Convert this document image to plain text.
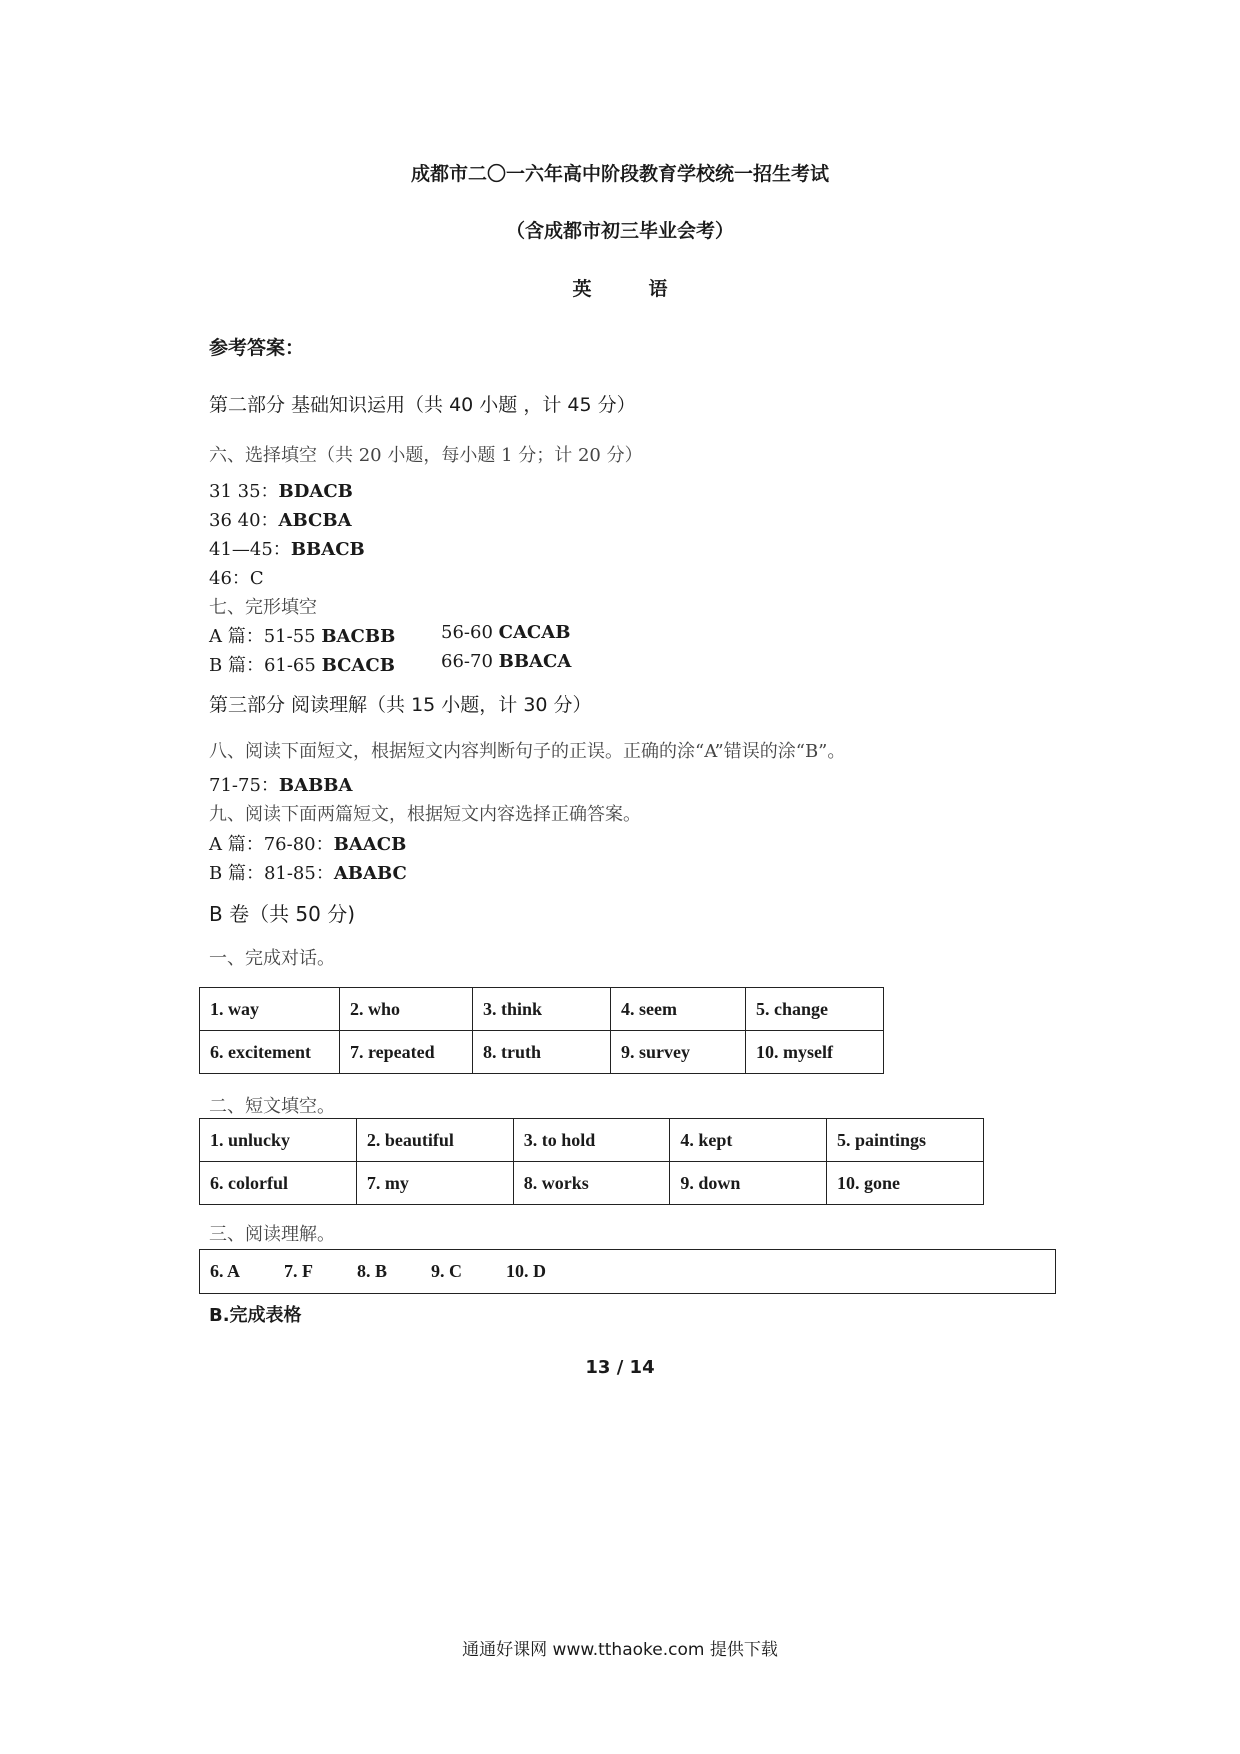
成都市二〇一六年高中阶段教育学校统一招生考试
（含成都市初三毕业会考）
英　　　语
参考答案：
第二部分 基础知识运用（共 40 小题 ，计 45 分）
六、选择填空（共 20 小题，每小题 1 分；计 20 分）
31 35：BDACB
36 40：ABCBA
41—45：BBACB
46：C
七、完形填空
A 篇：51-55 BACBB	56-60 CACAB
B 篇：61-65 BCACB	66-70 BBACA
第三部分 阅读理解（共 15 小题，计 30 分）
八、阅读下面短文，根据短文内容判断句子的正误。正确的涂“A”错误的涂“B”。
71-75：BABBA
九、阅读下面两篇短文，根据短文内容选择正确答案。
A 篇：76-80：BAACB
B 篇：81-85：ABABC
B 卷（共 50 分)
一、完成对话。
1. way	2. who	3. think	4. seem	5. change
6. excitement	7. repeated	8. truth	9. survey	10. myself
二、短文填空。
1. unlucky	2. beautiful	3. to hold	4. kept	5. paintings
6. colorful	7. my	8. works	9. down	10. gone
三、阅读理解。
6. A 7. F 8. B 9. C 10. D
B.完成表格
13 / 14
通通好课网 www.tthaoke.com 提供下载
